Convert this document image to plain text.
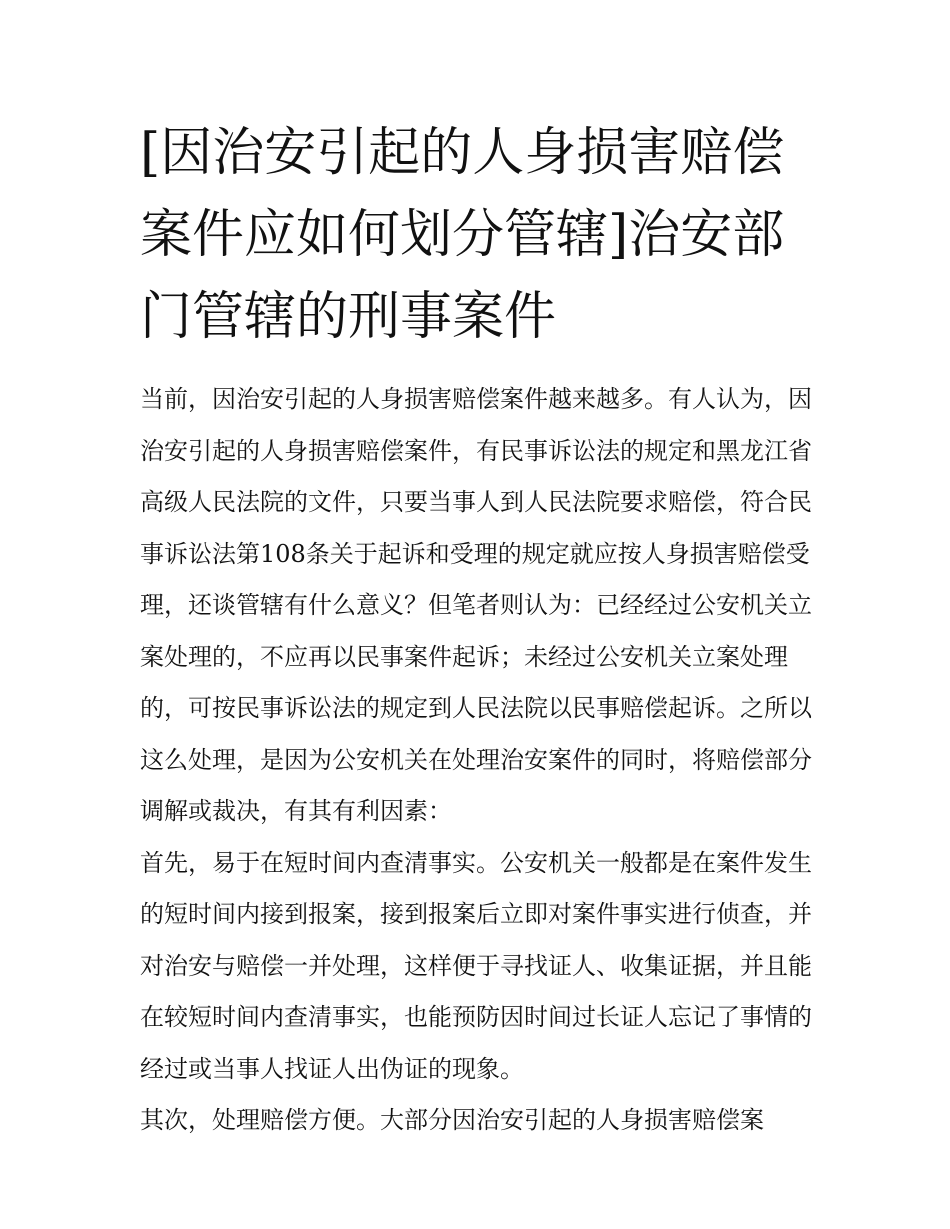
[因治安引起的人身损害赔偿案件应如何划分管辖]治安部门管辖的刑事案件

当前，因治安引起的人身损害赔偿案件越来越多。有人认为，因治安引起的人身损害赔偿案件，有民事诉讼法的规定和黑龙江省高级人民法院的文件，只要当事人到人民法院要求赔偿，符合民事诉讼法第108条关于起诉和受理的规定就应按人身损害赔偿受理，还谈管辖有什么意义？但笔者则认为：已经经过公安机关立案处理的，不应再以民事案件起诉；未经过公安机关立案处理的，可按民事诉讼法的规定到人民法院以民事赔偿起诉。之所以这么处理，是因为公安机关在处理治安案件的同时，将赔偿部分调解或裁决，有其有利因素：

首先，易于在短时间内查清事实。公安机关一般都是在案件发生的短时间内接到报案，接到报案后立即对案件事实进行侦查，并对治安与赔偿一并处理，这样便于寻找证人、收集证据，并且能在较短时间内查清事实，也能预防因时间过长证人忘记了事情的经过或当事人找证人出伪证的现象。

其次，处理赔偿方便。大部分因治安引起的人身损害赔偿案
